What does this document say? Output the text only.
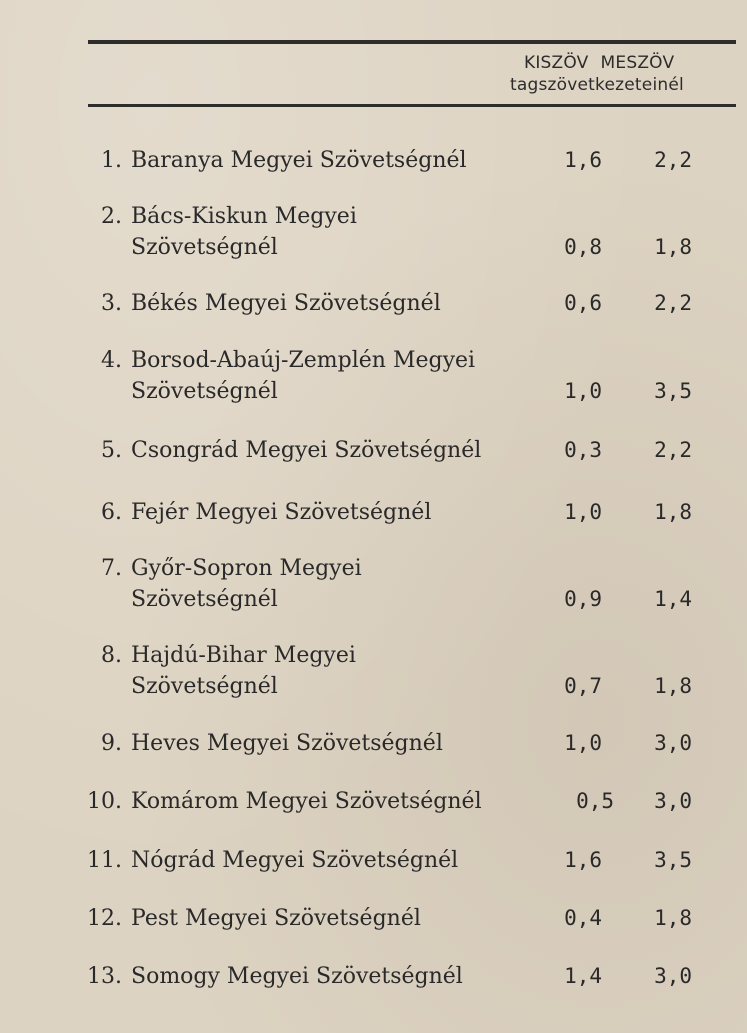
KISZÖV MESZÖV
tagszövetkezeteinél
1. Baranya Megyei Szövetségnél	1,6	2,2
2. Bács-Kiskun Megyei
Szövetségnél	0,8	1,8
3. Békés Megyei Szövetségnél	0,6	2,2
4. Borsod-Abaúj-Zemplén Megyei
Szövetségnél	1,0	3,5
5. Csongrád Megyei Szövetségnél	0,3	2,2
6. Fejér Megyei Szövetségnél	1,0	1,8
7. Győr-Sopron Megyei
Szövetségnél	0,9	1,4
8. Hajdú-Bihar Megyei
Szövetségnél	0,7	1,8
9. Heves Megyei Szövetségnél	1,0	3,0
10. Komárom Megyei Szövetségnél	0,5	3,0
11. Nógrád Megyei Szövetségnél	1,6	3,5
12. Pest Megyei Szövetségnél	0,4	1,8
13. Somogy Megyei Szövetségnél	1,4	3,0
